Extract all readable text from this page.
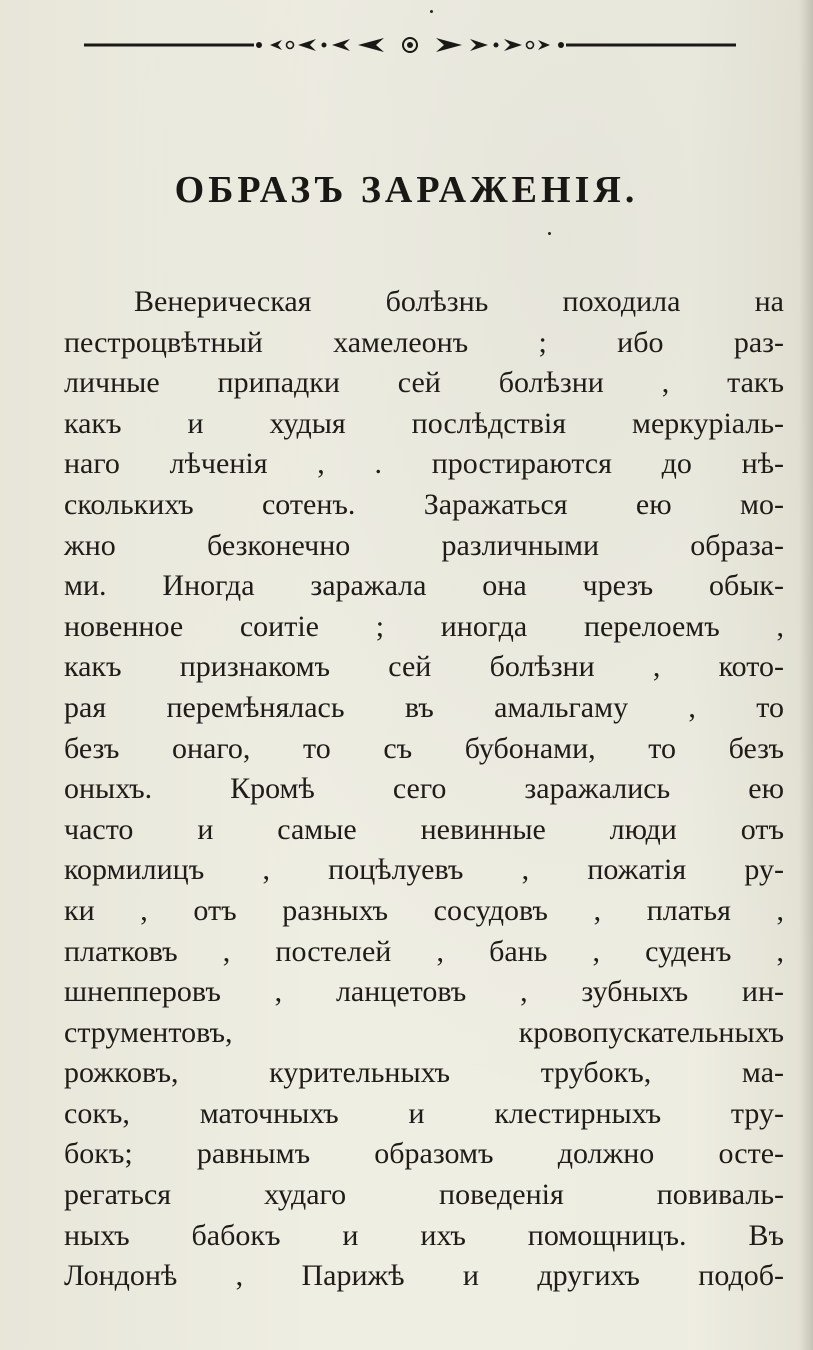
ОБРАЗЪ ЗАРАЖЕНІЯ.
Венерическая болѣзнь походила на
пестроцвѣтный хамелеонъ ; ибо раз-
личные припадки сей болѣзни , такъ
какъ и худыя послѣдствія меркуріаль-
наго лѣченія , . простираются до нѣ-
сколькихъ сотенъ. Заражаться ею мо-
жно безконечно различными образа-
ми. Иногда заражала она чрезъ обык-
новенное соитіе ; иногда перелоемъ ,
какъ признакомъ сей болѣзни , кото-
рая перемѣнялась въ амальгаму , то
безъ онаго, то съ бубонами, то безъ
оныхъ. Кромѣ сего заражались ею
часто и самые невинные люди отъ
кормилицъ , поцѣлуевъ , пожатія ру-
ки , отъ разныхъ сосудовъ , платья ,
платковъ , постелей , бань , суденъ ,
шнепперовъ , ланцетовъ , зубныхъ ин-
струментовъ, кровопускательныхъ
рожковъ, курительныхъ трубокъ, ма-
сокъ, маточныхъ и клестирныхъ тру-
бокъ; равнымъ образомъ должно осте-
регаться худаго поведенія повиваль-
ныхъ бабокъ и ихъ помощницъ. Въ
Лондонѣ , Парижѣ и другихъ подоб-
